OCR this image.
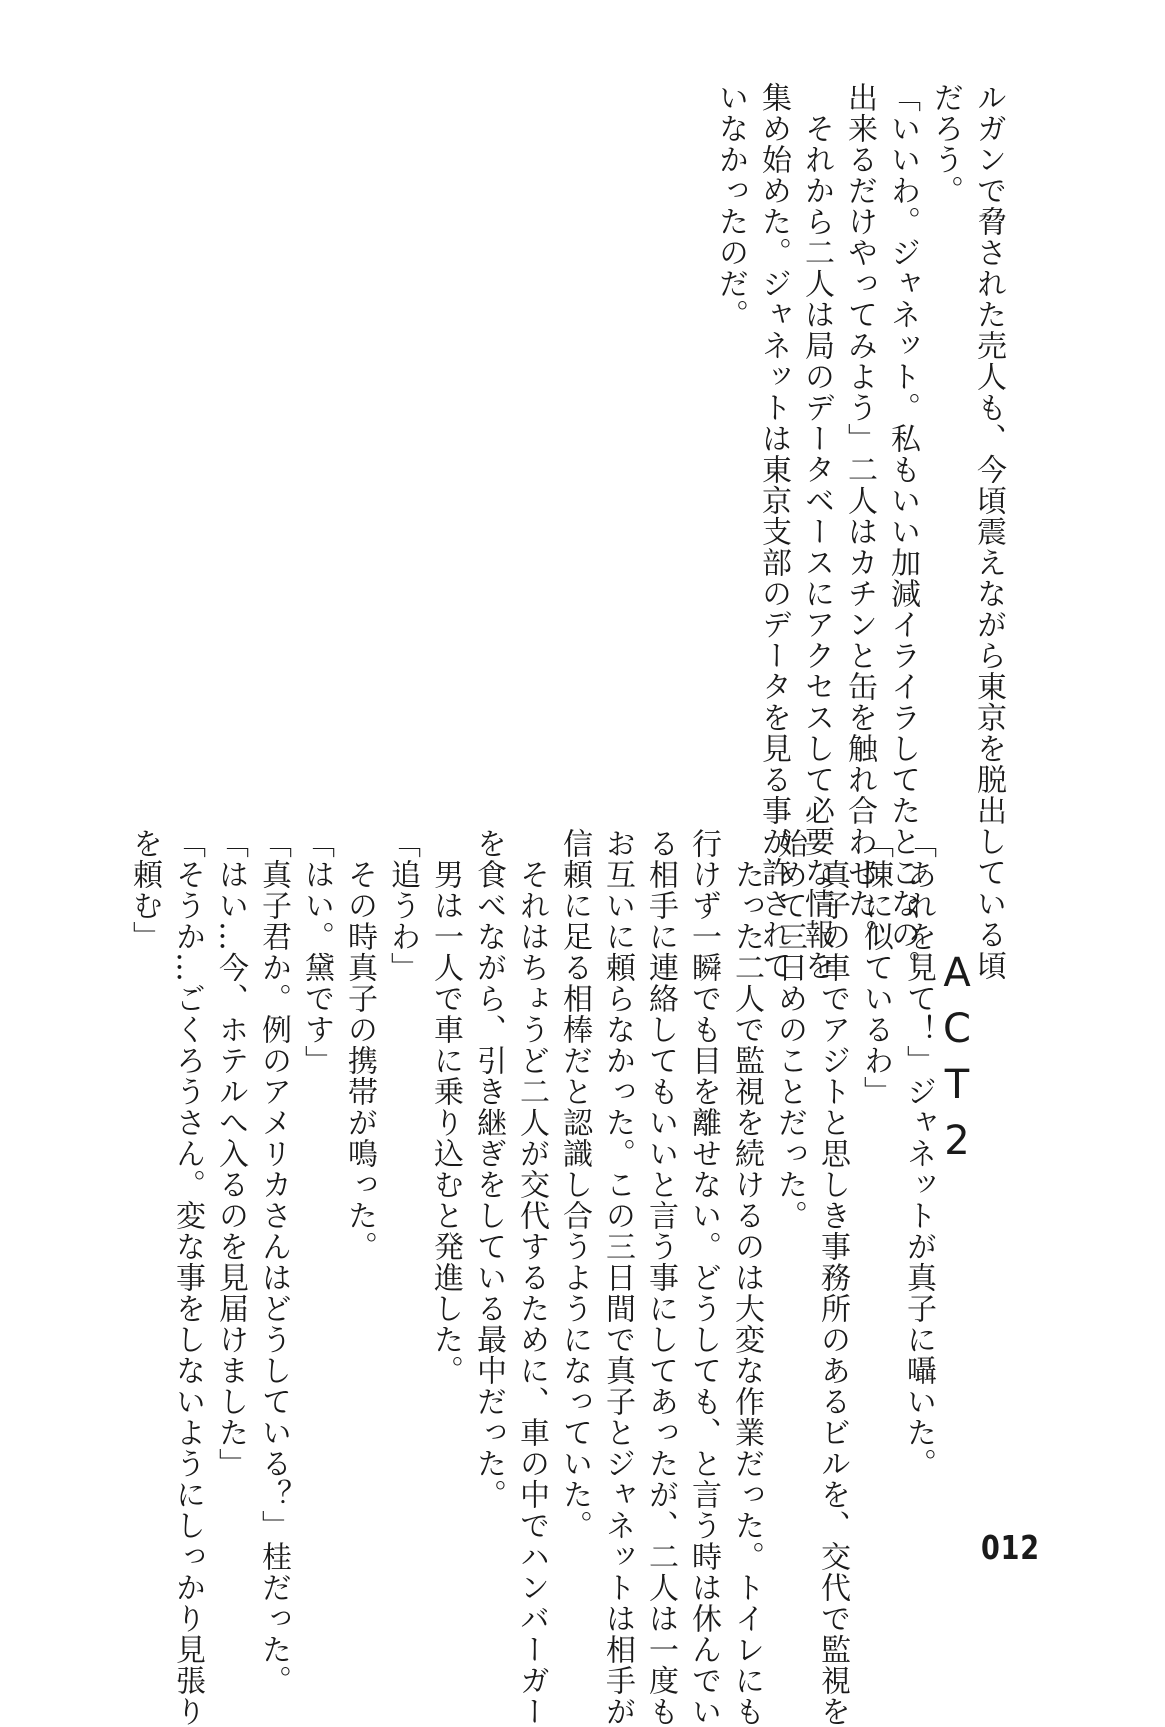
ルガンで脅された売人も、今頃震えながら東京を脱出している頃
だろう。
「いいわ。ジャネット。私もいい加減イライラしてたとこなの。
出来るだけやってみよう」二人はカチンと缶を触れ合わせた。
　それから二人は局のデータベースにアクセスして必要な情報を
集め始めた。ジャネットは東京支部のデータを見る事が許されて
いなかったのだ。
ACT2
「あれを見て！」ジャネットが真子に囁いた。
「陳に似ているわ」
　真子の車でアジトと思しき事務所のあるビルを、交代で監視を
始めて三日めのことだった。
　たった二人で監視を続けるのは大変な作業だった。トイレにも
行けず一瞬でも目を離せない。どうしても、と言う時は休んでい
る相手に連絡してもいいと言う事にしてあったが、二人は一度も
お互いに頼らなかった。この三日間で真子とジャネットは相手が
信頼に足る相棒だと認識し合うようになっていた。
　それはちょうど二人が交代するために、車の中でハンバーガー
を食べながら、引き継ぎをしている最中だった。
　男は一人で車に乗り込むと発進した。
「追うわ」
　その時真子の携帯が鳴った。
「はい。黛です」
「真子君か。例のアメリカさんはどうしている？」桂だった。
「はい…今、ホテルへ入るのを見届けました」
「そうか…ごくろうさん。変な事をしないようにしっかり見張り
を頼む」
012
